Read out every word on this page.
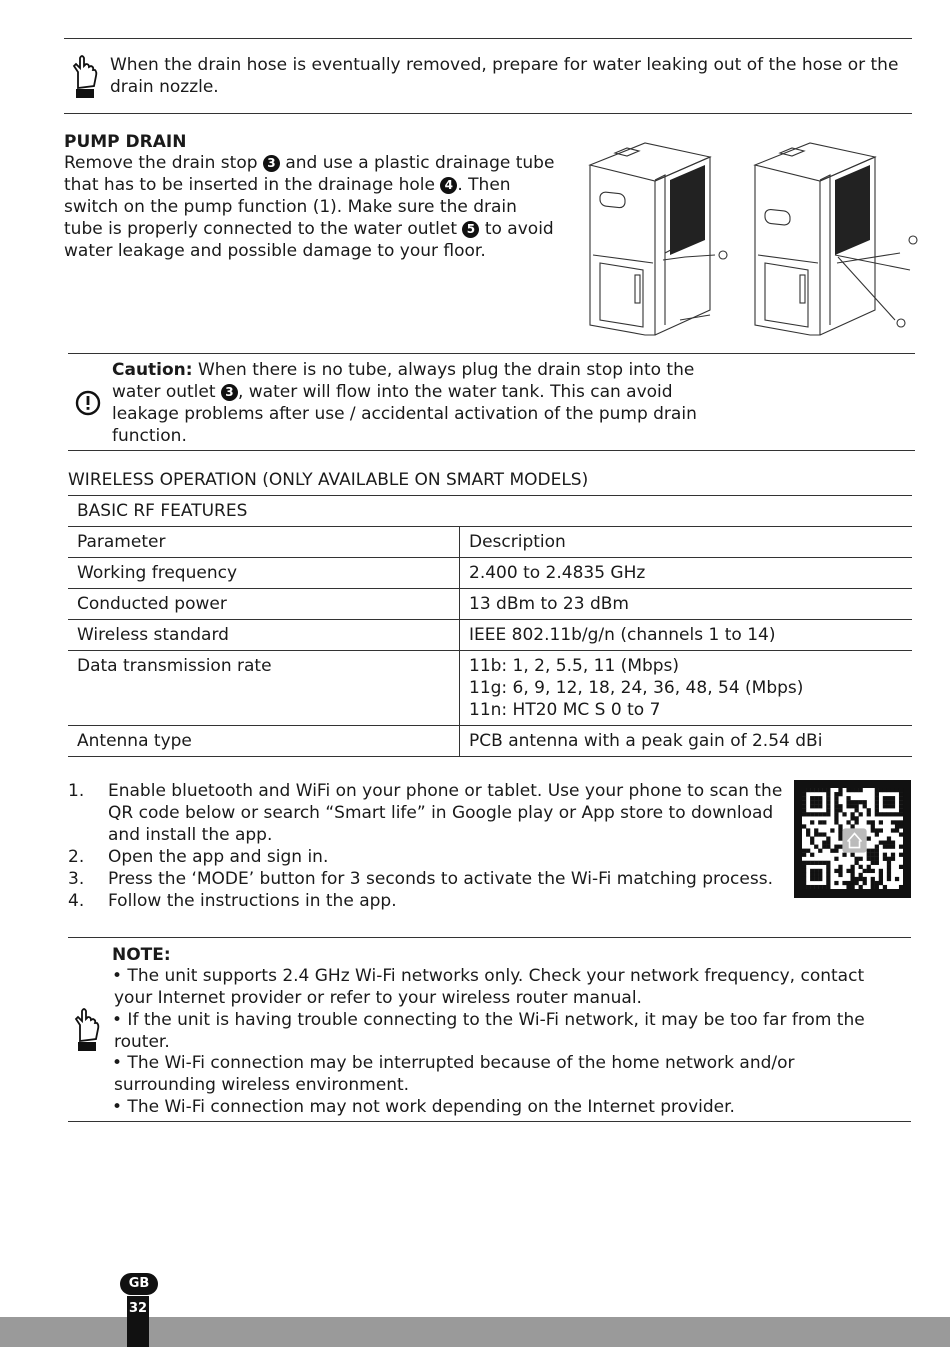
When the drain hose is eventually removed, prepare for water leaking out of the hose or the
drain nozzle.
PUMP DRAIN
Remove the drain stop 3 and use a plastic drainage tube
that has to be inserted in the drainage hole 4 . Then
switch on the pump function (1). Make sure the drain
tube is properly connected to the water outlet 5 to avoid
water leakage and possible damage to your floor.
Caution: When there is no tube, always plug the drain stop into the
water outlet 3 , water will flow into the water tank. This can avoid
leakage problems after use / accidental activation of the pump drain
function.
WIRELESS OPERATION (ONLY AVAILABLE ON SMART MODELS)
BASIC RF FEATURES	
Parameter	Description
Working frequency	2.400 to 2.4835 GHz
Conducted power	13 dBm to 23 dBm
Wireless standard	IEEE 802.11b/g/n (channels 1 to 14)
Data transmission rate	11b: 1, 2, 5.5, 11 (Mbps)
11g: 6, 9, 12, 18, 24, 36, 48, 54 (Mbps)
11n: HT20 MC S 0 to 7

Antenna type	PCB antenna with a peak gain of 2.54 dBi
1. Enable bluetooth and WiFi on your phone or tablet. Use your phone to scan the
QR code below or search “Smart life” in Google play or App store to download
and install the app.
2. Open the app and sign in.
3. Press the ‘MODE’ button for 3 seconds to activate the Wi-Fi matching process.
4. Follow the instructions in the app.
NOTE:
• The unit supports 2.4 GHz Wi-Fi networks only. Check your network frequency, contact
your Internet provider or refer to your wireless router manual.
• If the unit is having trouble connecting to the Wi-Fi network, it may be too far from the
router.
• The Wi-Fi connection may be interrupted because of the home network and/or
surrounding wireless environment.
• The Wi-Fi connection may not work depending on the Internet provider.
GB
32
